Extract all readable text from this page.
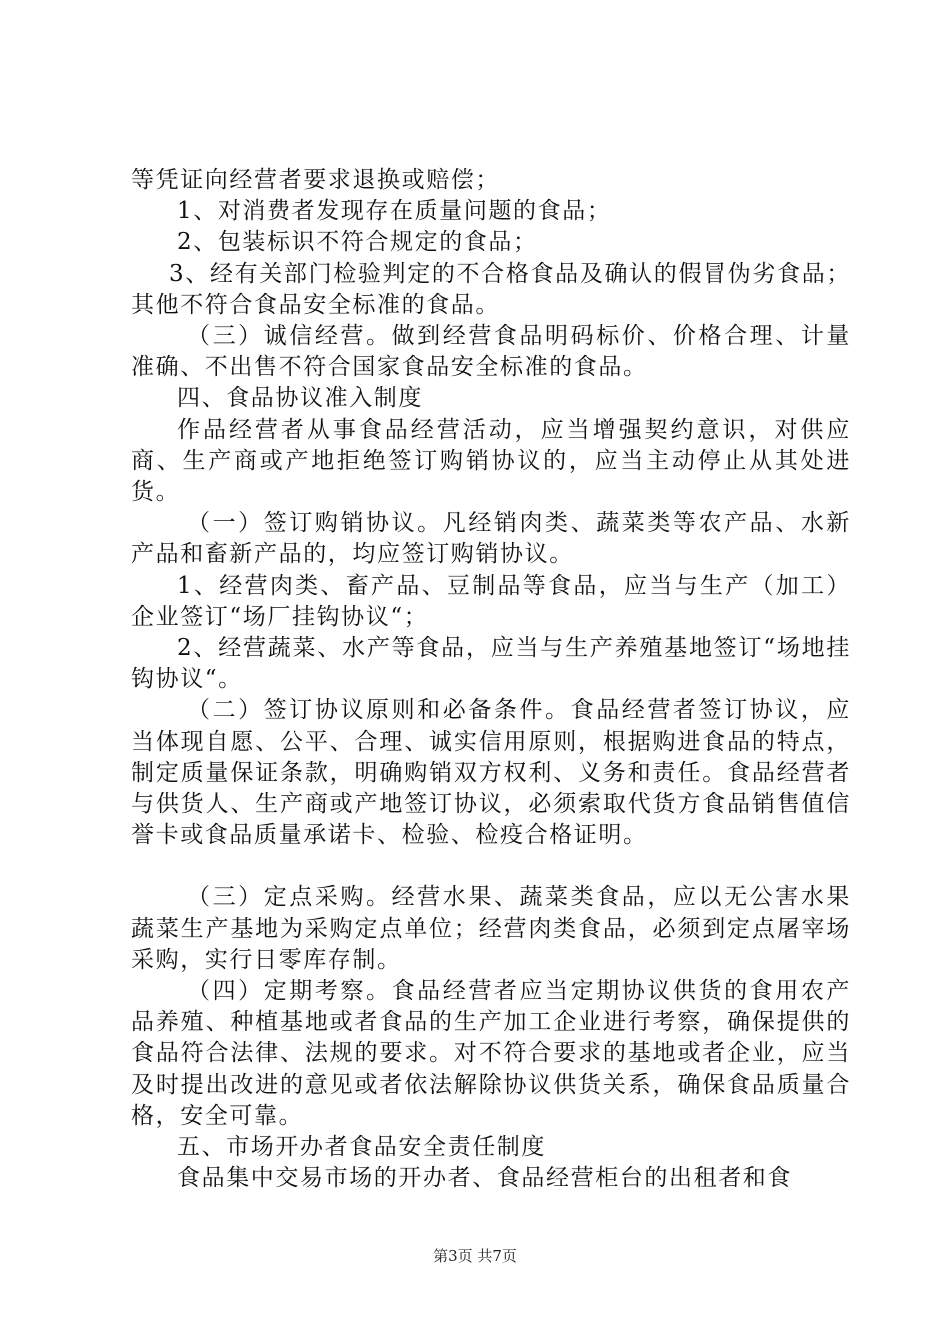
等凭证向经营者要求退换或赔偿；

1、对消费者发现存在质量问题的食品；

2、包装标识不符合规定的食品；

3、经有关部门检验判定的不合格食品及确认的假冒伪劣食品；其他不符合食品安全标准的食品。

（三）诚信经营。做到经营食品明码标价、价格合理、计量准确、不出售不符合国家食品安全标准的食品。

四、食品协议准入制度

作品经营者从事食品经营活动，应当增强契约意识，对供应商、生产商或产地拒绝签订购销协议的，应当主动停止从其处进货。

（一）签订购销协议。凡经销肉类、蔬菜类等农产品、水新产品和畜新产品的，均应签订购销协议。

1、经营肉类、畜产品、豆制品等食品，应当与生产（加工）企业签订“场厂挂钩协议“；

2、经营蔬菜、水产等食品，应当与生产养殖基地签订“场地挂钩协议“。

（二）签订协议原则和必备条件。食品经营者签订协议，应当体现自愿、公平、合理、诚实信用原则，根据购进食品的特点，制定质量保证条款，明确购销双方权利、义务和责任。食品经营者与供货人、生产商或产地签订协议，必须索取代货方食品销售值信誉卡或食品质量承诺卡、检验、检疫合格证明。

（三）定点采购。经营水果、蔬菜类食品，应以无公害水果蔬菜生产基地为采购定点单位；经营肉类食品，必须到定点屠宰场采购，实行日零库存制。

（四）定期考察。食品经营者应当定期协议供货的食用农产品养殖、种植基地或者食品的生产加工企业进行考察，确保提供的食品符合法律、法规的要求。对不符合要求的基地或者企业，应当及时提出改进的意见或者依法解除协议供货关系，确保食品质量合格，安全可靠。

五、市场开办者食品安全责任制度

食品集中交易市场的开办者、食品经营柜台的出租者和食

第3页 共7页
